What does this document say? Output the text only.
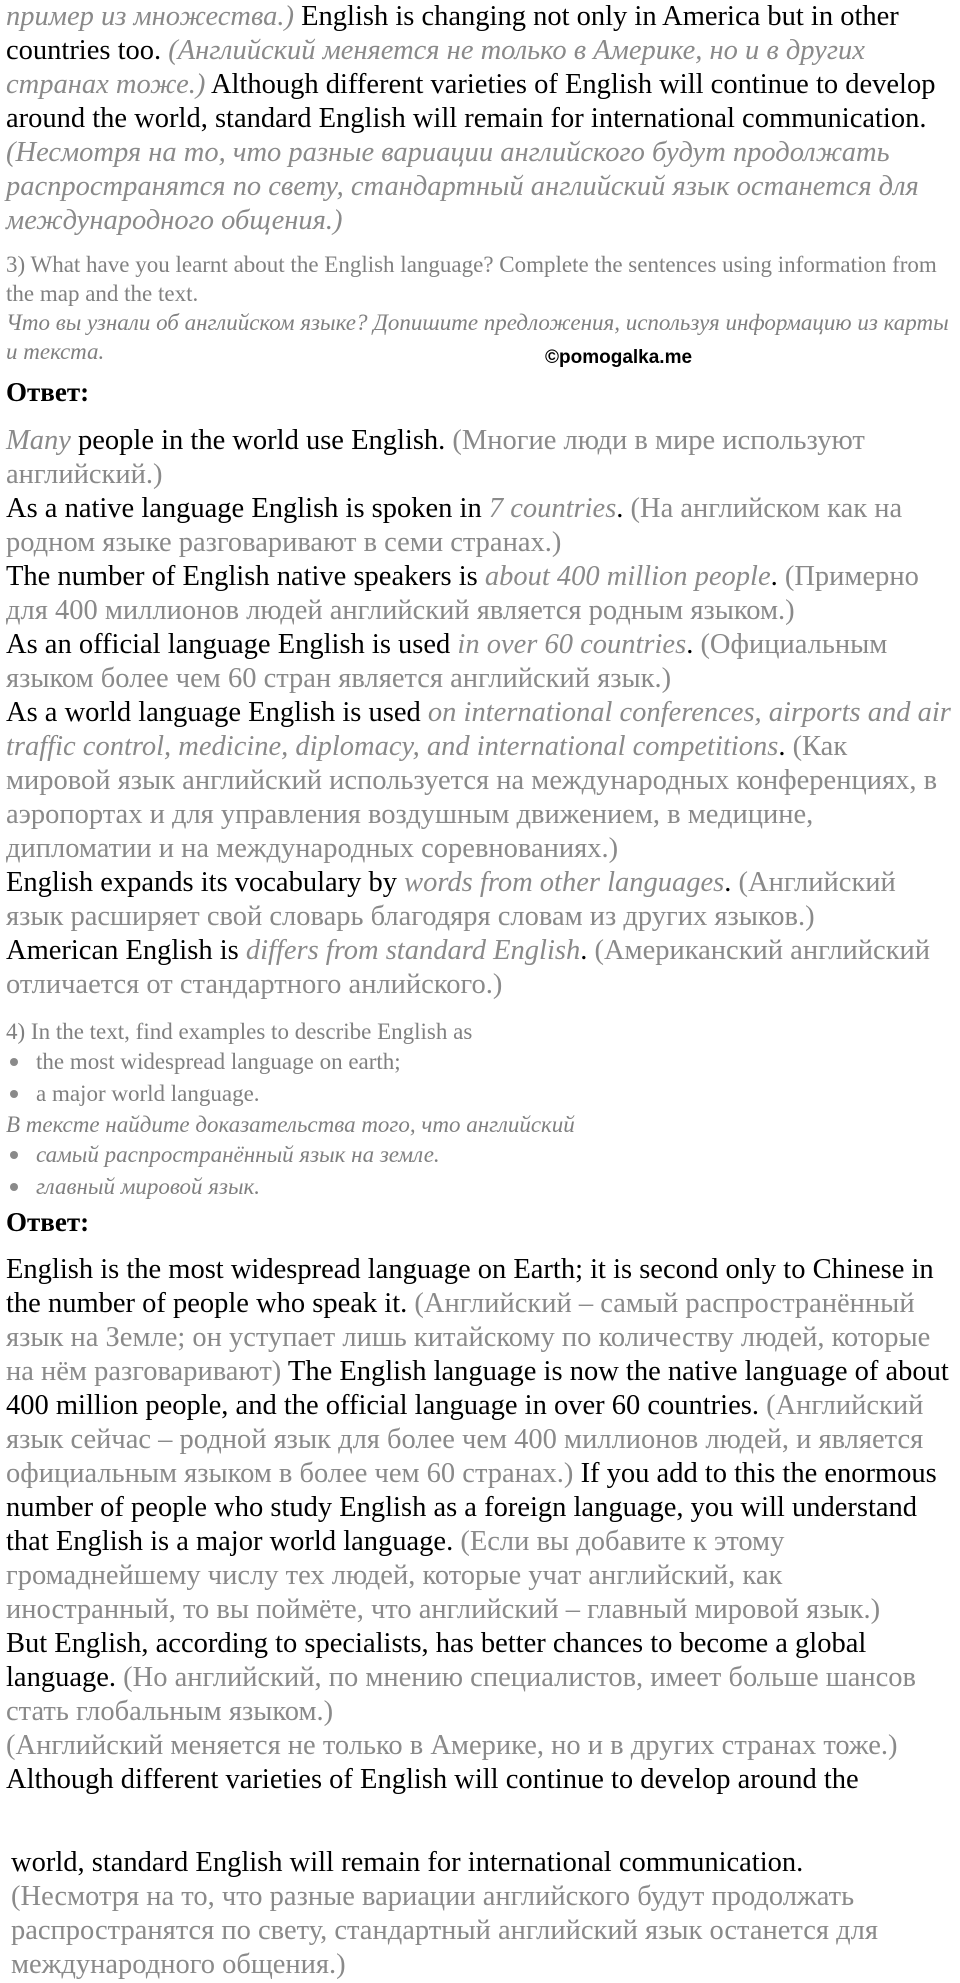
пример из множества.) English is changing not only in America but in other countries too. (Английский меняется не только в Америке, но и в других странах тоже.) Although different varieties of English will continue to develop around the world, standard English will remain for international communication. (Несмотря на то, что разные вариации английского будут продолжать распространятся по свету, стандартный английский язык останется для международного общения.)

3) What have you learnt about the English language? Complete the sentences using information from the map and the text.

Что вы узнали об английском языке? Допишите предложения, используя информацию из карты и текста.	©pomogalka.me

Ответ:

Many people in the world use English. (Многие люди в мире используют английский.)

As a native language English is spoken in 7 countries. (На английском как на родном языке разговаривают в семи странах.)

The number of English native speakers is about 400 million people. (Примерно для 400 миллионов людей английский является родным языком.)

As an official language English is used in over 60 countries. (Официальным языком более чем 60 стран является английский язык.)

As a world language English is used on international conferences, airports and air traffic control, medicine, diplomacy, and international competitions. (Как мировой язык английский используется на международных конференциях, в аэропортах и для управления воздушным движением, в медицине, дипломатии и на международных соревнованиях.)

English expands its vocabulary by words from other languages. (Английский язык расширяет свой словарь благодяря словам из других языков.)

American English is differs from standard English. (Американский английский отличается от стандартного анлийского.)

4) In the text, find examples to describe English as

the most widespread language on earth;
a major world language.

В тексте найдите доказательства того, что английский

самый распространённый язык на земле.
главный мировой язык.

Ответ:

English is the most widespread language on Earth; it is second only to Chinese in the number of people who speak it. (Английский – самый распространённый язык на Земле; он уступает лишь китайскому по количеству людей, которые на нём разговаривают) The English language is now the native language of about 400 million people, and the official language in over 60 countries. (Английский язык сейчас – родной язык для более чем 400 миллионов людей, и является официальным языком в более чем 60 странах.) If you add to this the enormous number of people who study English as a foreign language, you will understand that English is a major world language. (Если вы добавите к этому громаднейшему числу тех людей, которые учат английский, как иностранный, то вы поймёте, что английский – главный мировой язык.)

But English, according to specialists, has better chances to become a global language. (Но английский, по мнению специалистов, имеет больше шансов стать глобальным языком.)

(Английский меняется не только в Америке, но и в других странах тоже.)

Although different varieties of English will continue to develop around the

world, standard English will remain for international communication.

(Несмотря на то, что разные вариации английского будут продолжать распространятся по свету, стандартный английский язык останется для международного общения.)
